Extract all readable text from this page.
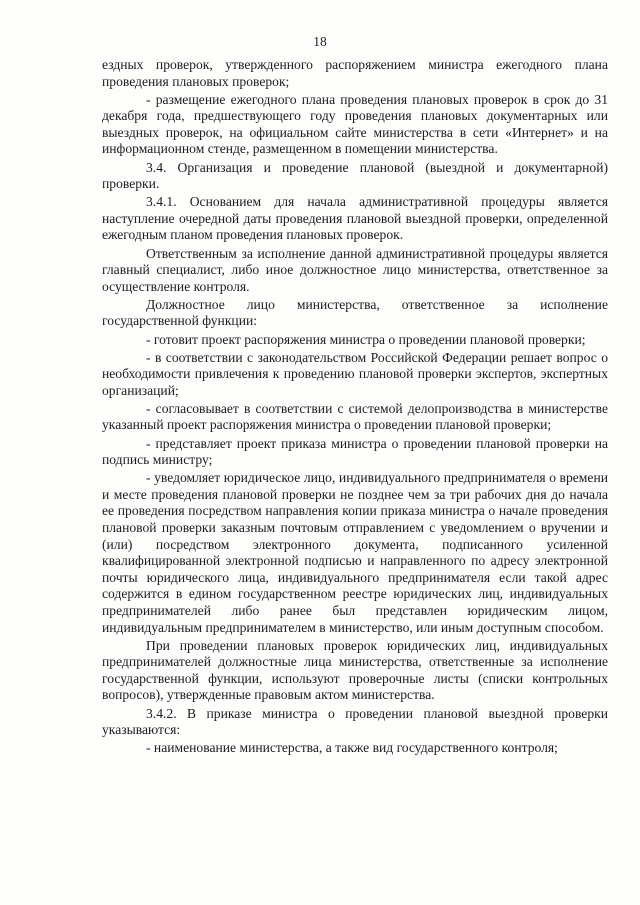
18

ездных проверок, утвержденного распоряжением министра ежегодного плана проведения плановых проверок;

- размещение ежегодного плана проведения плановых проверок в срок до 31 декабря года, предшествующего году проведения плановых документарных или выездных проверок, на официальном сайте министерства в сети «Интернет» и на информационном стенде, размещенном в помещении министерства.

3.4. Организация и проведение плановой (выездной и документарной) проверки.

3.4.1. Основанием для начала административной процедуры является наступление очередной даты проведения плановой выездной проверки, определенной ежегодным планом проведения плановых проверок.

Ответственным за исполнение данной административной процедуры является главный специалист, либо иное должностное лицо министерства, ответственное за осуществление контроля.

Должностное лицо министерства, ответственное за исполнение государственной функции:

- готовит проект распоряжения министра о проведении плановой проверки;

- в соответствии с законодательством Российской Федерации решает вопрос о необходимости привлечения к проведению плановой проверки экспертов, экспертных организаций;

- согласовывает в соответствии с системой делопроизводства в министерстве указанный проект распоряжения министра о проведении плановой проверки;

- представляет проект приказа министра о проведении плановой проверки на подпись министру;

- уведомляет юридическое лицо, индивидуального предпринимателя о времени и месте проведения плановой проверки не позднее чем за три рабочих дня до начала ее проведения посредством направления копии приказа министра о начале проведения плановой проверки заказным почтовым отправлением с уведомлением о вручении и (или) посредством электронного документа, подписанного усиленной квалифицированной электронной подписью и направленного по адресу электронной почты юридического лица, индивидуального предпринимателя если такой адрес содержится в едином государственном реестре юридических лиц, индивидуальных предпринимателей либо ранее был представлен юридическим лицом, индивидуальным предпринимателем в министерство, или иным доступным способом.

При проведении плановых проверок юридических лиц, индивидуальных предпринимателей должностные лица министерства, ответственные за исполнение государственной функции, используют проверочные листы (списки контрольных вопросов), утвержденные правовым актом министерства.

3.4.2. В приказе министра о проведении плановой выездной проверки указываются:

- наименование министерства, а также вид государственного контроля;
